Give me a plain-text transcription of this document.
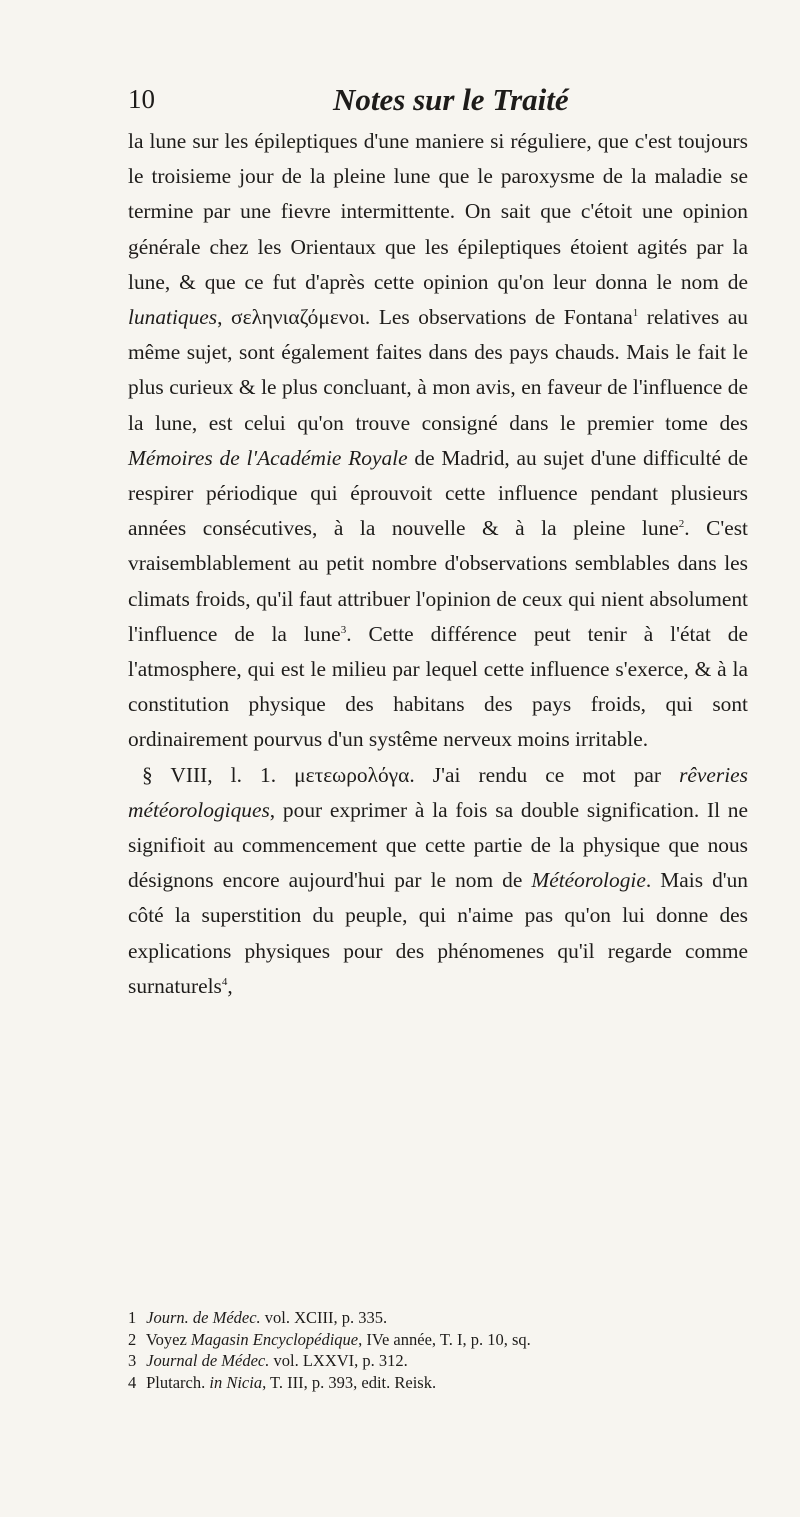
10	Notes sur le Traité

la lune sur les épileptiques d'une maniere si réguliere, que c'est toujours le troisieme jour de la pleine lune que le paroxysme de la maladie se termine par une fievre intermittente. On sait que c'étoit une opinion générale chez les Orientaux que les épileptiques étoient agités par la lune, & que ce fut d'après cette opinion qu'on leur donna le nom de lunatiques, σεληνιαζόμενοι. Les observations de Fontana$^1$ relatives au même sujet, sont également faites dans des pays chauds. Mais le fait le plus curieux & le plus concluant, à mon avis, en faveur de l'influence de la lune, est celui qu'on trouve consigné dans le premier tome des Mémoires de l'Académie Royale de Madrid, au sujet d'une difficulté de respirer périodique qui éprouvoit cette influence pendant plusieurs années consécutives, à la nouvelle & à la pleine lune$^2$. C'est vraisemblablement au petit nombre d'observations semblables dans les climats froids, qu'il faut attribuer l'opinion de ceux qui nient absolument l'influence de la lune$^3$. Cette différence peut tenir à l'état de l'atmosphere, qui est le milieu par lequel cette influence s'exerce, & à la constitution physique des habitans des pays froids, qui sont ordinairement pourvus d'un systême nerveux moins irritable.

§ VIII, l. 1. μετεωρολόγα. J'ai rendu ce mot par rêveries météorologiques, pour exprimer à la fois sa double signification. Il ne signifioit au commencement que cette partie de la physique que nous désignons encore aujourd'hui par le nom de Météorologie. Mais d'un côté la superstition du peuple, qui n'aime pas qu'on lui donne des explications physiques pour des phénomenes qu'il regarde comme surnaturels$^4$,

1 Journ. de Médec. vol. XCIII, p. 335.
2 Voyez Magasin Encyclopédique, IVe année, T. I, p. 10, sq.
3 Journal de Médec. vol. LXXVI, p. 312.
4 Plutarch. in Nicia, T. III, p. 393, edit. Reisk.
